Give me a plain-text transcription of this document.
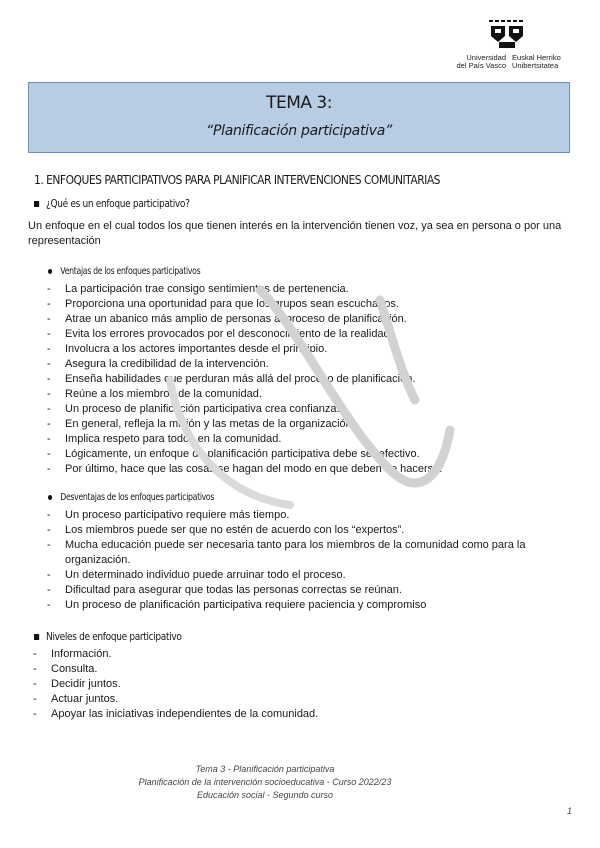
Universidad
del País Vasco
Euskal Herriko
Unibertsitatea
TEMA 3:
“Planificación participativa”
1. ENFOQUES PARTICIPATIVOS PARA PLANIFICAR INTERVENCIONES COMUNITARIAS
¿Qué es un enfoque participativo?
Un enfoque en el cual todos los que tienen interés en la intervención tienen voz, ya sea en persona o por una representación
Ventajas de los enfoques participativos
- La participación trae consigo sentimientos de pertenencia.
- Proporciona una oportunidad para que los grupos sean escuchados.
- Atrae un abanico más amplio de personas al proceso de planificación.
- Evita los errores provocados por el desconocimiento de la realidad.
- Involucra a los actores importantes desde el principio.
- Asegura la credibilidad de la intervención.
- Enseña habilidades que perduran más allá del proceso de planificación.
- Reúne a los miembros de la comunidad.
- Un proceso de planificación participativa crea confianza.
- En general, refleja la misión y las metas de la organización.
- Implica respeto para todos en la comunidad.
- Lógicamente, un enfoque de planificación participativa debe ser efectivo.
- Por último, hace que las cosas se hagan del modo en que deben de hacerse.
Desventajas de los enfoques participativos
- Un proceso participativo requiere más tiempo.
- Los miembros puede ser que no estén de acuerdo con los “expertos”.
- Mucha educación puede ser necesaria tanto para los miembros de la comunidad como para la organización.
- Un determinado individuo puede arruinar todo el proceso.
- Dificultad para asegurar que todas las personas correctas se reúnan.
- Un proceso de planificación participativa requiere paciencia y compromiso
Niveles de enfoque participativo
- Información.
- Consulta.
- Decidir juntos.
- Actuar juntos.
- Apoyar las iniciativas independientes de la comunidad.
Tema 3 - Planificación participativa
Planificación de la intervención socioeducativa - Curso 2022/23
Educación social - Segundo curso
1
